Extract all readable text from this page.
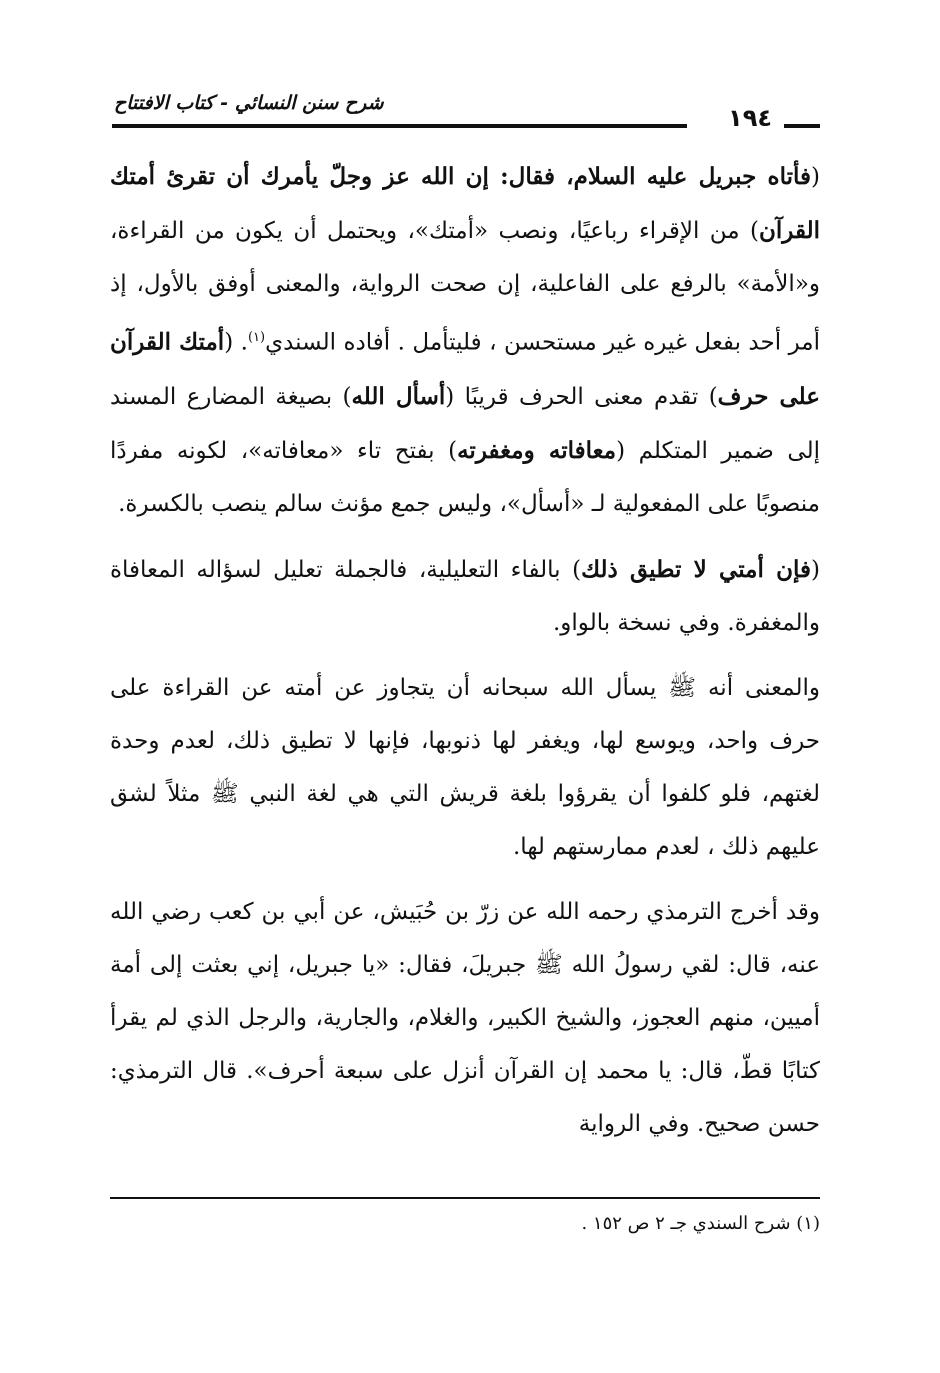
١٩٤
شرح سنن النسائي - كتاب الافتتاح

(فأتاه جبريل عليه السلام، فقال: إن الله عز وجلّ يأمرك أن تقرئ أمتك القرآن) من الإقراء رباعيًا، ونصب «أمتك»، ويحتمل أن يكون من القراءة، و«الأمة» بالرفع على الفاعلية، إن صحت الرواية، والمعنى أوفق بالأول، إذ أمر أحد بفعل غيره غير مستحسن ، فليتأمل . أفاده السندي$^{(١)}$. (أمتك القرآن على حرف) تقدم معنى الحرف قريبًا (أسأل الله) بصيغة المضارع المسند إلى ضمير المتكلم (معافاته ومغفرته) بفتح تاء «معافاته»، لكونه مفردًا منصوبًا على المفعولية لـ «أسأل»، وليس جمع مؤنث سالم ينصب بالكسرة.

(فإن أمتي لا تطيق ذلك) بالفاء التعليلية، فالجملة تعليل لسؤاله المعافاة والمغفرة. وفي نسخة بالواو.

والمعنى أنه ﷺ يسأل الله سبحانه أن يتجاوز عن أمته عن القراءة على حرف واحد، ويوسع لها، ويغفر لها ذنوبها، فإنها لا تطيق ذلك، لعدم وحدة لغتهم، فلو كلفوا أن يقرؤوا بلغة قريش التي هي لغة النبي ﷺ مثلاً لشق عليهم ذلك ، لعدم ممارستهم لها.

وقد أخرج الترمذي رحمه الله عن زرّ بن حُبَيش، عن أبي بن كعب رضي الله عنه، قال: لقي رسولُ الله ﷺ جبريلَ، فقال: «يا جبريل، إني بعثت إلى أمة أميين، منهم العجوز، والشيخ الكبير، والغلام، والجارية، والرجل الذي لم يقرأ كتابًا قطّ، قال: يا محمد إن القرآن أنزل على سبعة أحرف». قال الترمذي: حسن صحيح. وفي الرواية

(١) شرح السندي جـ ٢ ص ١٥٢ .
